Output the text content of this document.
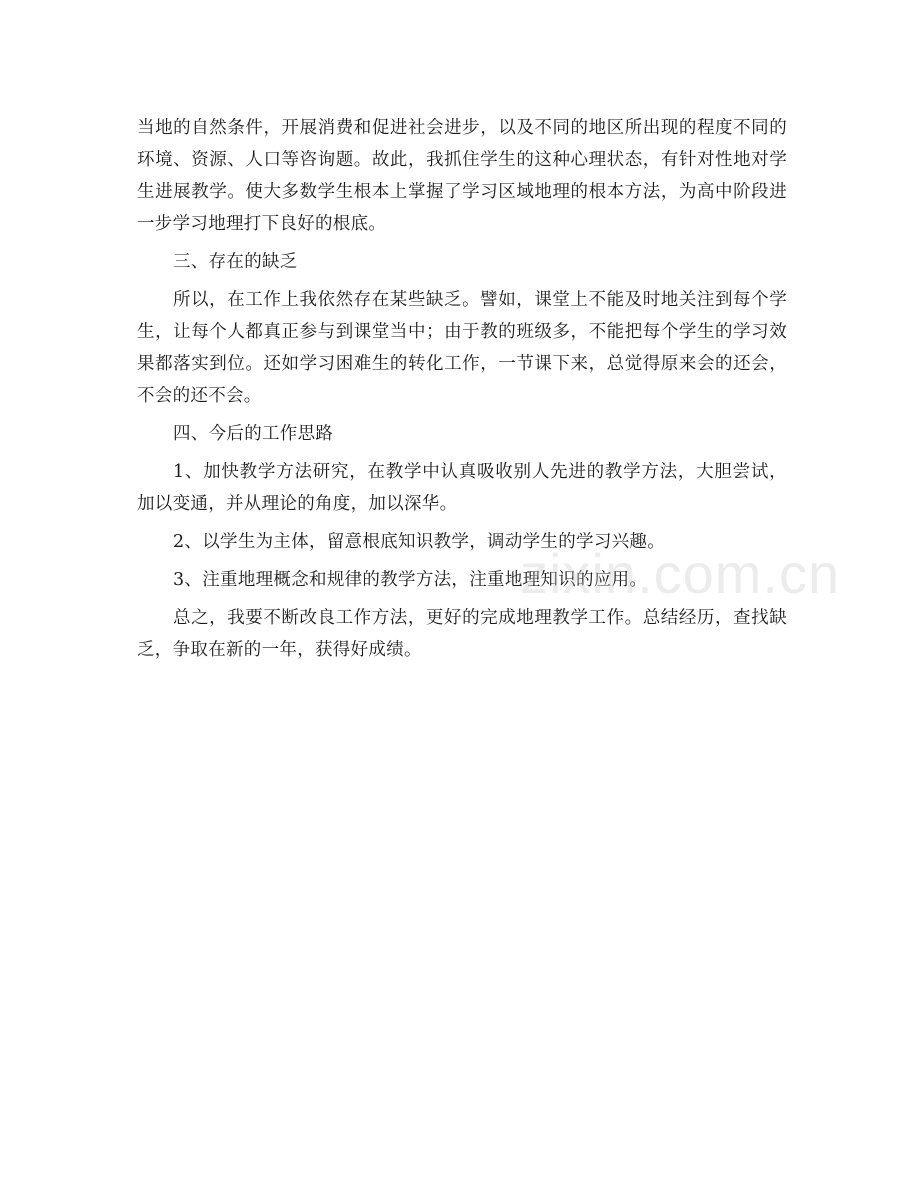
当地的自然条件，开展消费和促进社会进步，以及不同的地区所出现的程度不同的环境、资源、人口等咨询题。故此，我抓住学生的这种心理状态，有针对性地对学生进展教学。使大多数学生根本上掌握了学习区域地理的根本方法，为高中阶段进一步学习地理打下良好的根底。

三、存在的缺乏

所以，在工作上我依然存在某些缺乏。譬如，课堂上不能及时地关注到每个学生，让每个人都真正参与到课堂当中；由于教的班级多，不能把每个学生的学习效果都落实到位。还如学习困难生的转化工作，一节课下来，总觉得原来会的还会，不会的还不会。

四、今后的工作思路

1、加快教学方法研究，在教学中认真吸收别人先进的教学方法，大胆尝试，加以变通，并从理论的角度，加以深华。

2、以学生为主体，留意根底知识教学，调动学生的学习兴趣。

3、注重地理概念和规律的教学方法，注重地理知识的应用。

总之，我要不断改良工作方法，更好的完成地理教学工作。总结经历，查找缺乏，争取在新的一年，获得好成绩。

zixin.com.cn
